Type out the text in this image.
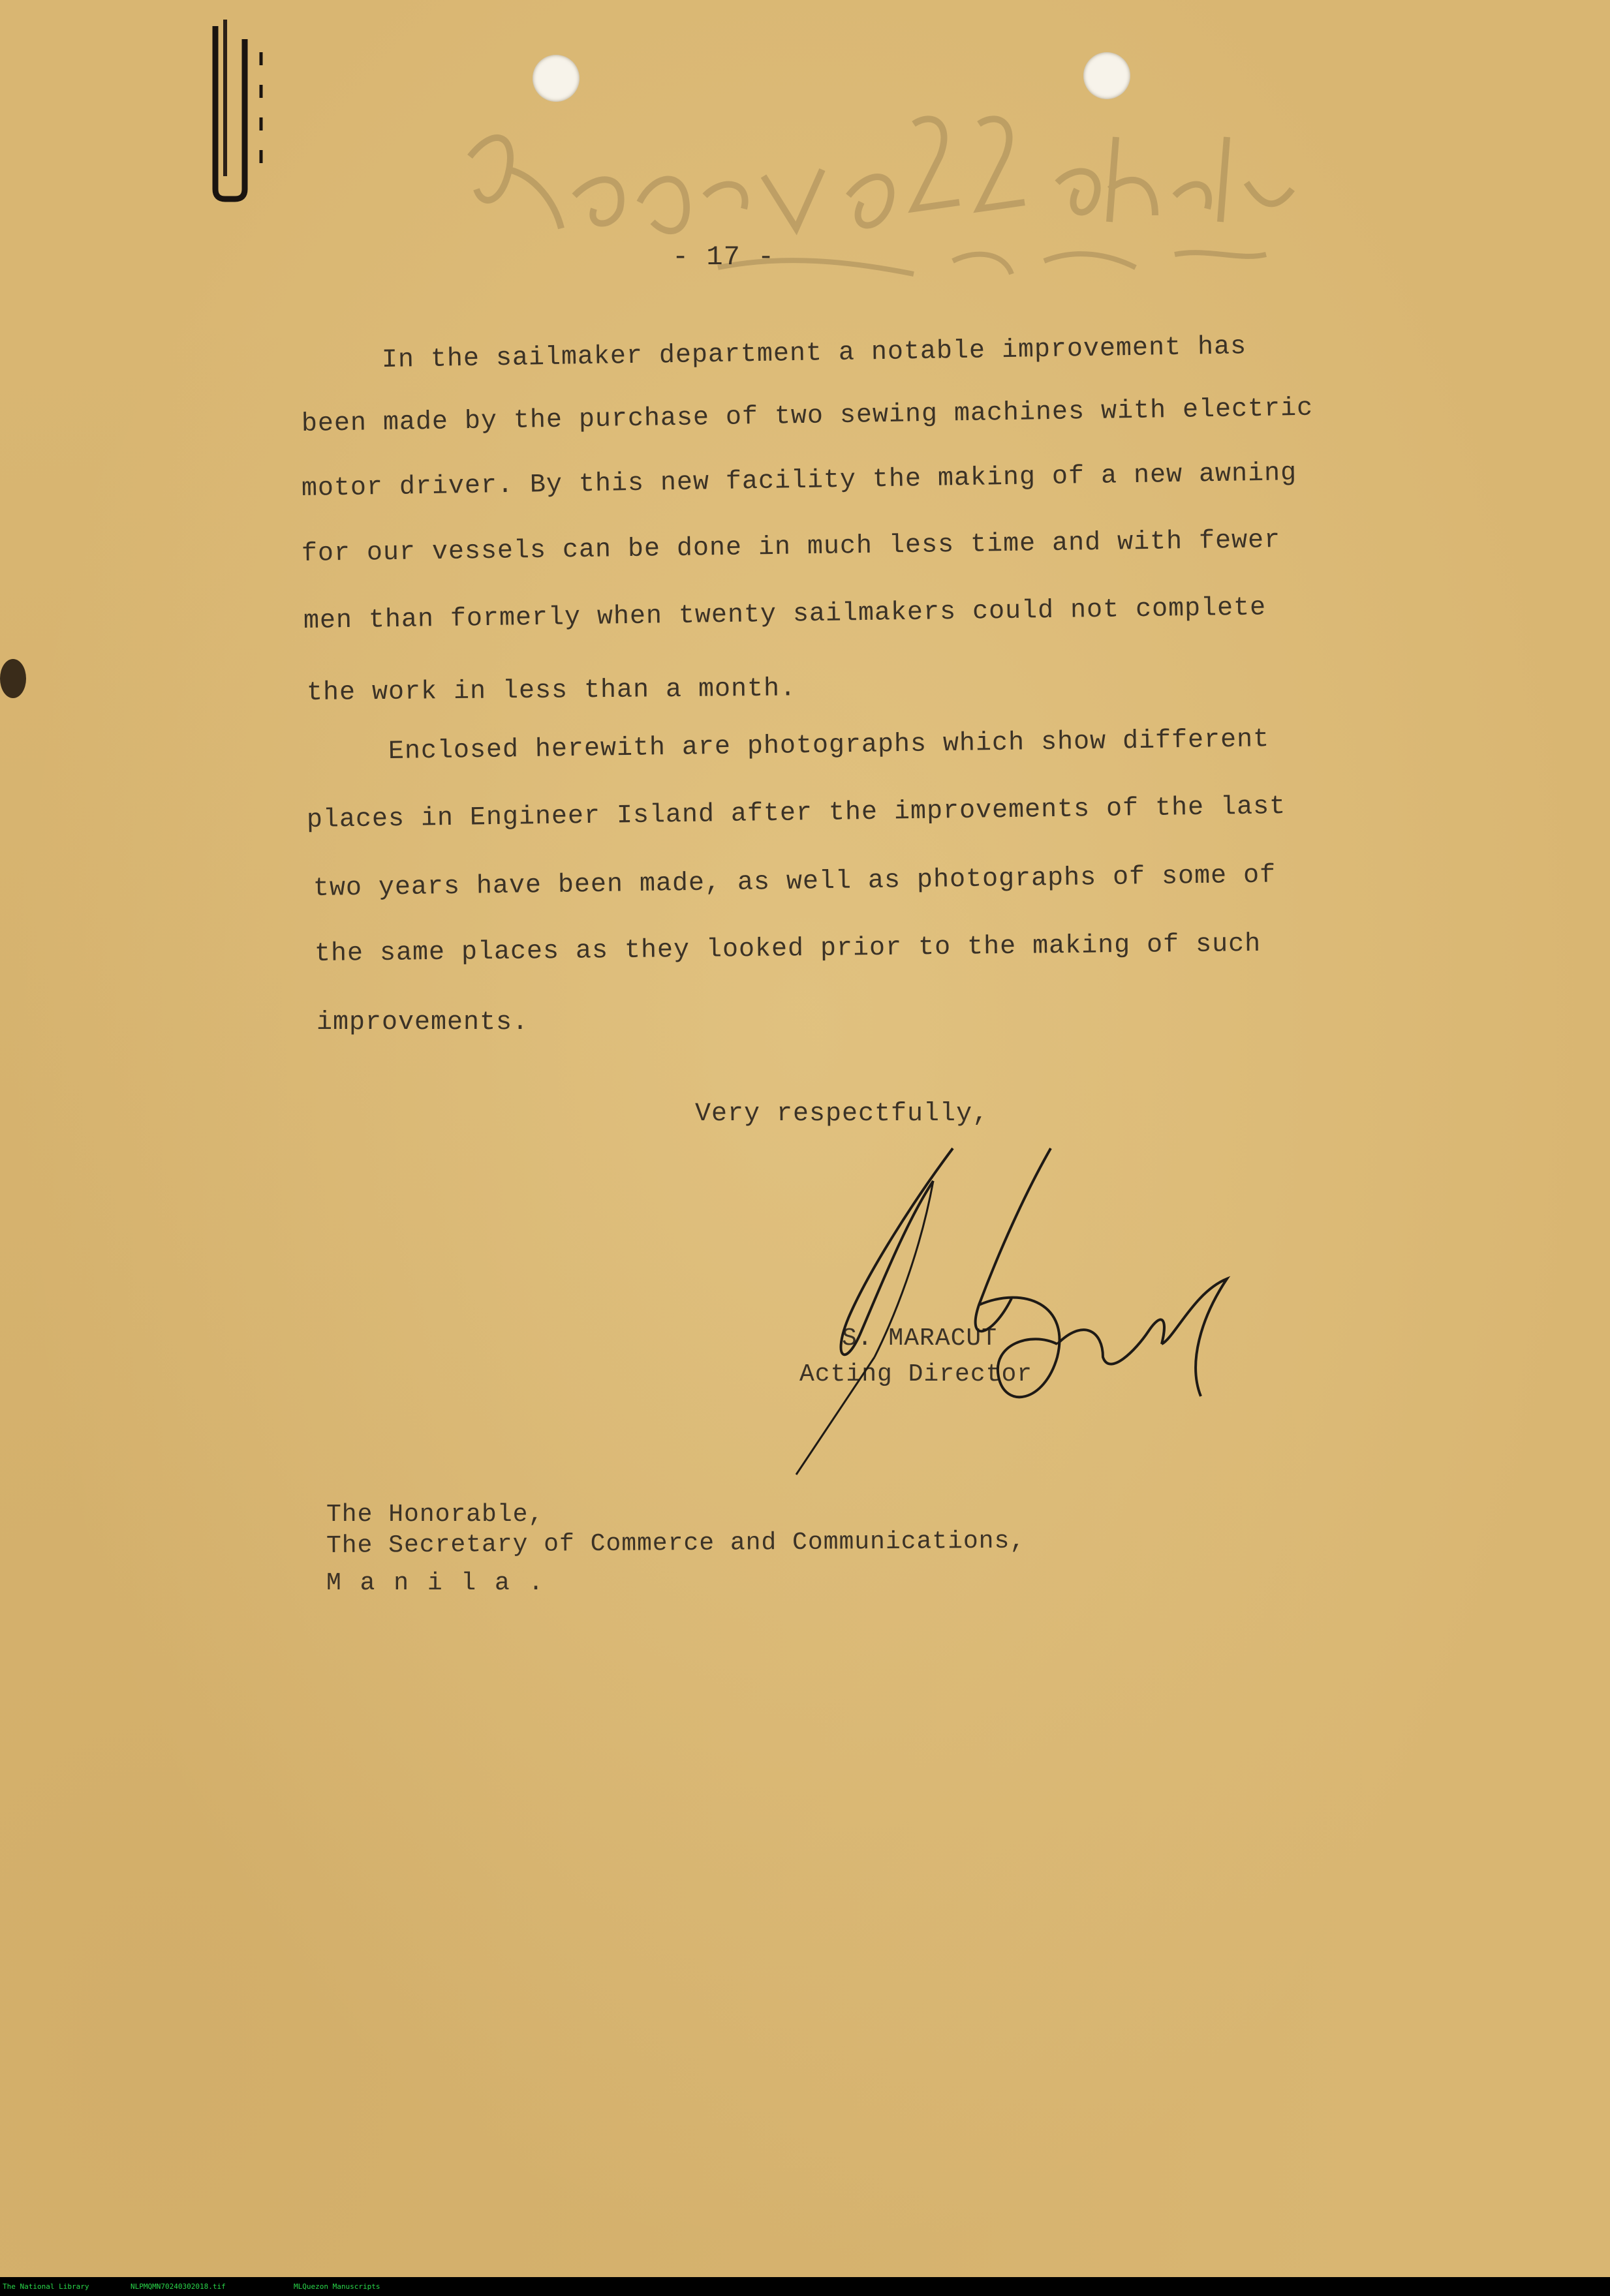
- 17 -
In the sailmaker department a notable improvement has
been made by the purchase of two sewing machines with electric
motor driver. By this new facility the making of a new awning
for our vessels can be done in much less time and with fewer
men than formerly when twenty sailmakers could not complete
the work in less than a month.
Enclosed herewith are photographs which show different
places in Engineer Island after the improvements of the last
two years have been made, as well as photographs of some of
the same places as they looked prior to the making of such
improvements.
Very respectfully,
S. MARACUT
Acting Director
The Honorable,
The Secretary of Commerce and Communications,
M a n i l a .
The National Library	NLPMQMN70240302018.tif	MLQuezon Manuscripts
